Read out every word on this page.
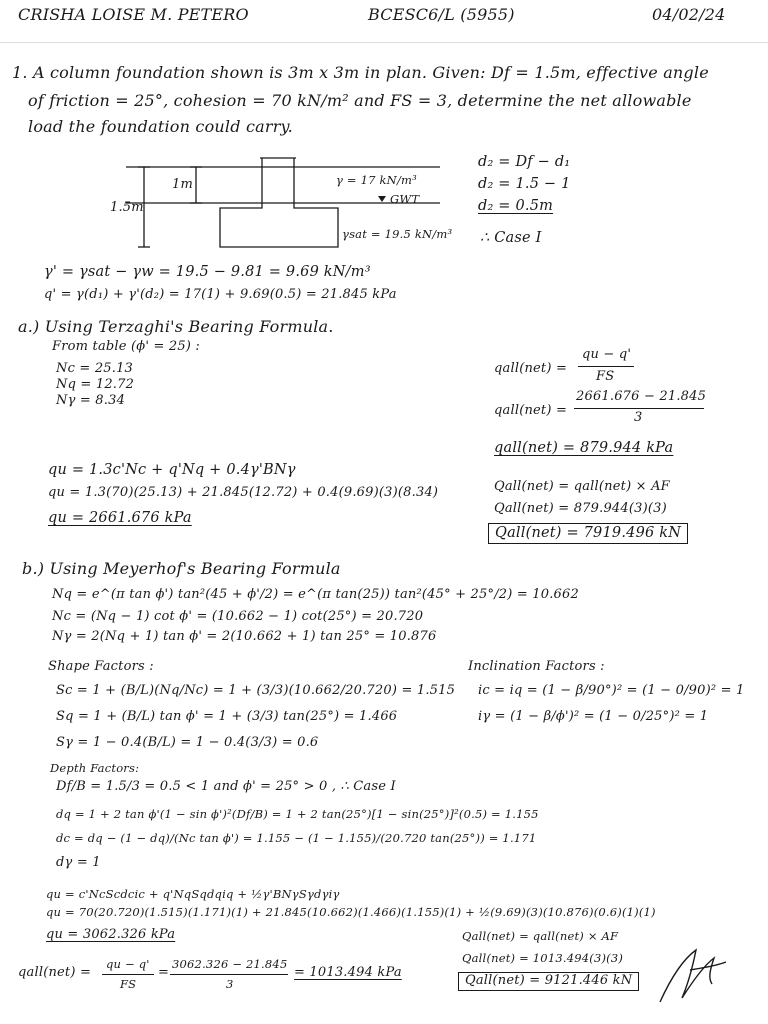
CRISHA LOISE M. PETERO	BCESC6/L (5955)	04/02/24
1. A column foundation shown is 3m x 3m in plan. Given: Df = 1.5m, effective angle
of friction = 25°, cohesion = 70 kN/m² and FS = 3, determine the net allowable
load the foundation could carry.
1m
1.5m
γ = 17 kN/m³
GWT
γsat = 19.5 kN/m³
d₂ = Df − d₁
d₂ = 1.5 − 1
d₂ = 0.5m
∴ Case I
γ' = γsat − γw = 19.5 − 9.81 = 9.69 kN/m³
q' = γ(d₁) + γ'(d₂) = 17(1) + 9.69(0.5) = 21.845 kPa
a.) Using Terzaghi's Bearing Formula.
From table (ϕ' = 25) :
Nc = 25.13
Nq = 12.72
Nγ = 8.34
qu = 1.3c'Nc + q'Nq + 0.4γ'BNγ
qu = 1.3(70)(25.13) + 21.845(12.72) + 0.4(9.69)(3)(8.34)
qu = 2661.676 kPa
qall(net) =
qu − q'
FS
qall(net) =
2661.676 − 21.845
3
qall(net) = 879.944 kPa
Qall(net) = qall(net) × AF
Qall(net) = 879.944(3)(3)
Qall(net) = 7919.496 kN
b.) Using Meyerhof's Bearing Formula
Nq = e^(π tan ϕ') tan²(45 + ϕ'/2) = e^(π tan(25)) tan²(45° + 25°/2) = 10.662
Nc = (Nq − 1) cot ϕ' = (10.662 − 1) cot(25°) = 20.720
Nγ = 2(Nq + 1) tan ϕ' = 2(10.662 + 1) tan 25° = 10.876
Shape Factors :
Sc = 1 + (B/L)(Nq/Nc) = 1 + (3/3)(10.662/20.720) = 1.515
Sq = 1 + (B/L) tan ϕ' = 1 + (3/3) tan(25°) = 1.466
Sγ = 1 − 0.4(B/L) = 1 − 0.4(3/3) = 0.6
Inclination Factors :
ic = iq = (1 − β/90°)² = (1 − 0/90)² = 1
iγ = (1 − β/ϕ')² = (1 − 0/25°)² = 1
Depth Factors:
Df/B = 1.5/3 = 0.5 < 1 and ϕ' = 25° > 0 , ∴ Case I
dq = 1 + 2 tan ϕ'(1 − sin ϕ')²(Df/B) = 1 + 2 tan(25°)[1 − sin(25°)]²(0.5) = 1.155
dc = dq − (1 − dq)/(Nc tan ϕ') = 1.155 − (1 − 1.155)/(20.720 tan(25°)) = 1.171
dγ = 1
qu = c'NcScdcic + q'NqSqdqiq + ½γ'BNγSγdγiγ
qu = 70(20.720)(1.515)(1.171)(1) + 21.845(10.662)(1.466)(1.155)(1) + ½(9.69)(3)(10.876)(0.6)(1)(1)
qu = 3062.326 kPa
qall(net) =
qu − q'
FS
=
3062.326 − 21.845
3
= 1013.494 kPa
Qall(net) = qall(net) × AF
Qall(net) = 1013.494(3)(3)
Qall(net) = 9121.446 kN
